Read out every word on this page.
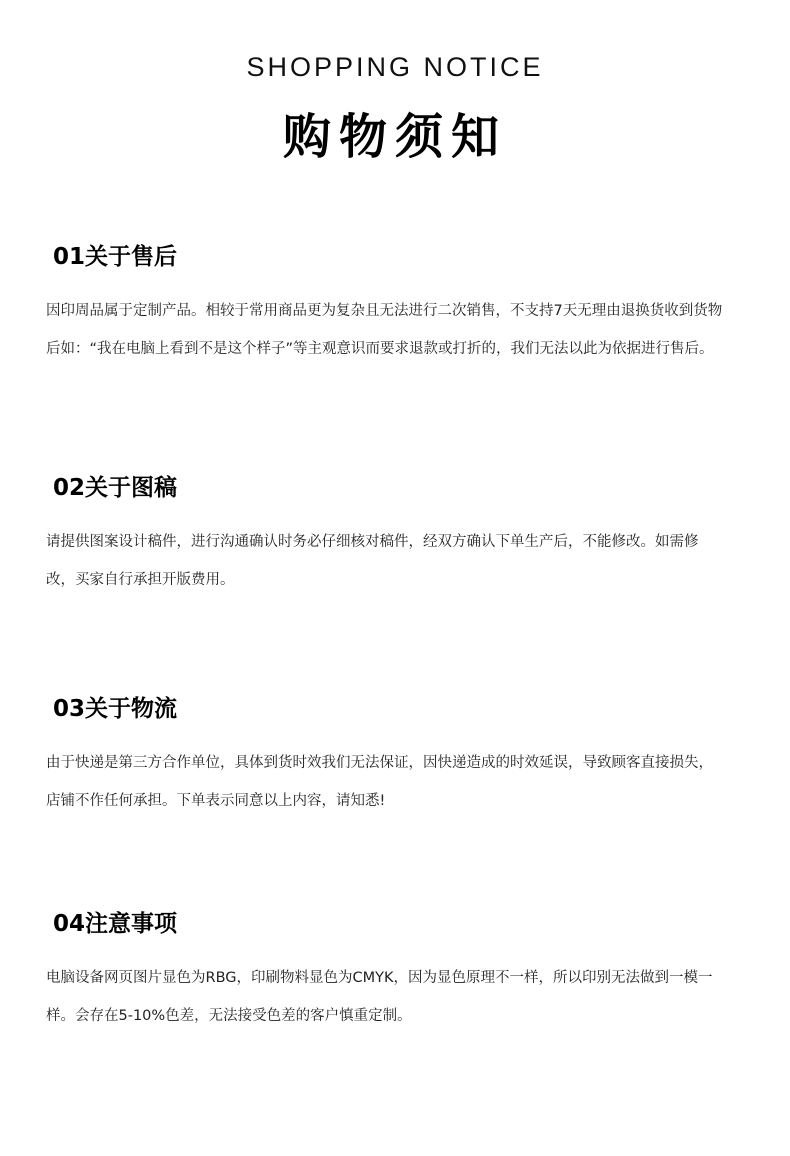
SHOPPING NOTICE
购物须知
01关于售后
因印周品属于定制产品。相较于常用商品更为复杂且无法进行二次销售，不支持7天无理由退换货收到货物后如：“我在电脑上看到不是这个样子”等主观意识而要求退款或打折的，我们无法以此为依据进行售后。
02关于图稿
请提供图案设计稿件，进行沟通确认时务必仔细核对稿件，经双方确认下单生产后，不能修改。如需修改，买家自行承担开版费用。
03关于物流
由于快递是第三方合作单位，具体到货时效我们无法保证，因快递造成的时效延误，导致顾客直接损失，店铺不作任何承担。下单表示同意以上内容，请知悉!
04注意事项
电脑设备网页图片显色为RBG，印刷物料显色为CMYK，因为显色原理不一样，所以印别无法做到一模一样。会存在5-10%色差，无法接受色差的客户慎重定制。
